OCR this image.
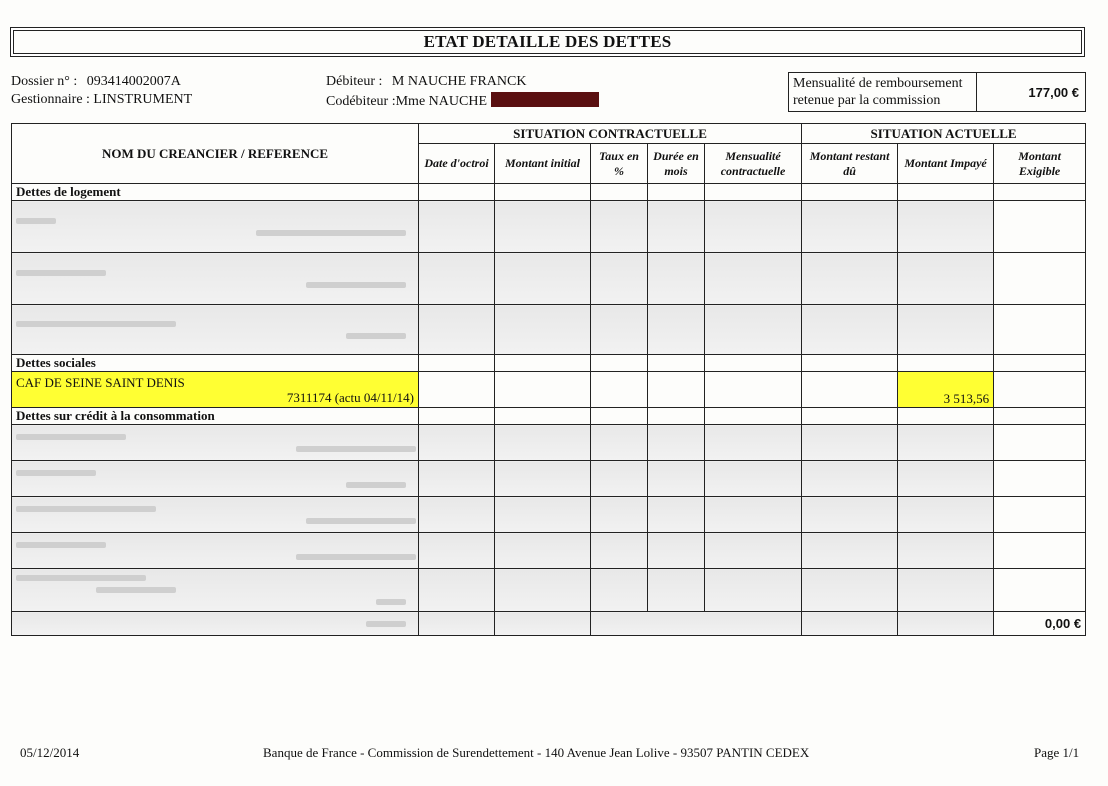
ETAT DETAILLE DES DETTES
Dossier n° : 093414002007A
Gestionnaire : LINSTRUMENT
Débiteur : M NAUCHE FRANCK
Codébiteur :Mme NAUCHE
Mensualité de remboursement retenue par la commission
177,00 €
NOM DU CREANCIER / REFERENCE	SITUATION CONTRACTUELLE					SITUATION ACTUELLE		
	Date d'octroi	Montant initial	Taux en %	Durée en mois	Mensualité contractuelle	Montant restant dû	Montant Impayé	Montant Exigible
Dettes de logement								

Dettes sociales								

CAF DE SEINE SAINT DENIS
7311174 (actu 04/11/14)							3 513,56	
Dettes sur crédit à la consommation								

								0,00 €
05/12/2014	Banque de France - Commission de Surendettement - 140 Avenue Jean Lolive - 93507 PANTIN CEDEX	Page 1/1
